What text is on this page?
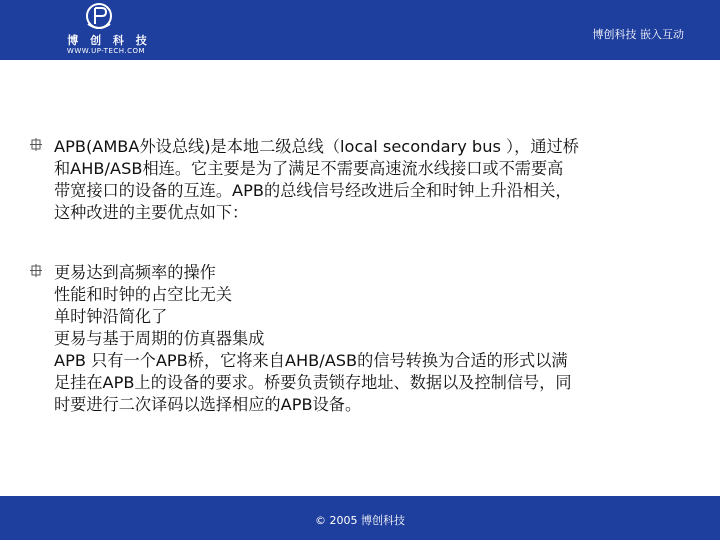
博 创 科 技
WWW.UP-TECH.COM
博创科技 嵌入互动
APB(AMBA外设总线)是本地二级总线（local secondary bus ），通过桥
和AHB/ASB相连。它主要是为了满足不需要高速流水线接口或不需要高
带宽接口的设备的互连。APB的总线信号经改进后全和时钟上升沿相关，
这种改进的主要优点如下：
更易达到高频率的操作
性能和时钟的占空比无关
单时钟沿简化了
更易与基于周期的仿真器集成
APB 只有一个APB桥，它将来自AHB/ASB的信号转换为合适的形式以满
足挂在APB上的设备的要求。桥要负责锁存地址、数据以及控制信号，同
时要进行二次译码以选择相应的APB设备。
© 2005 博创科技
